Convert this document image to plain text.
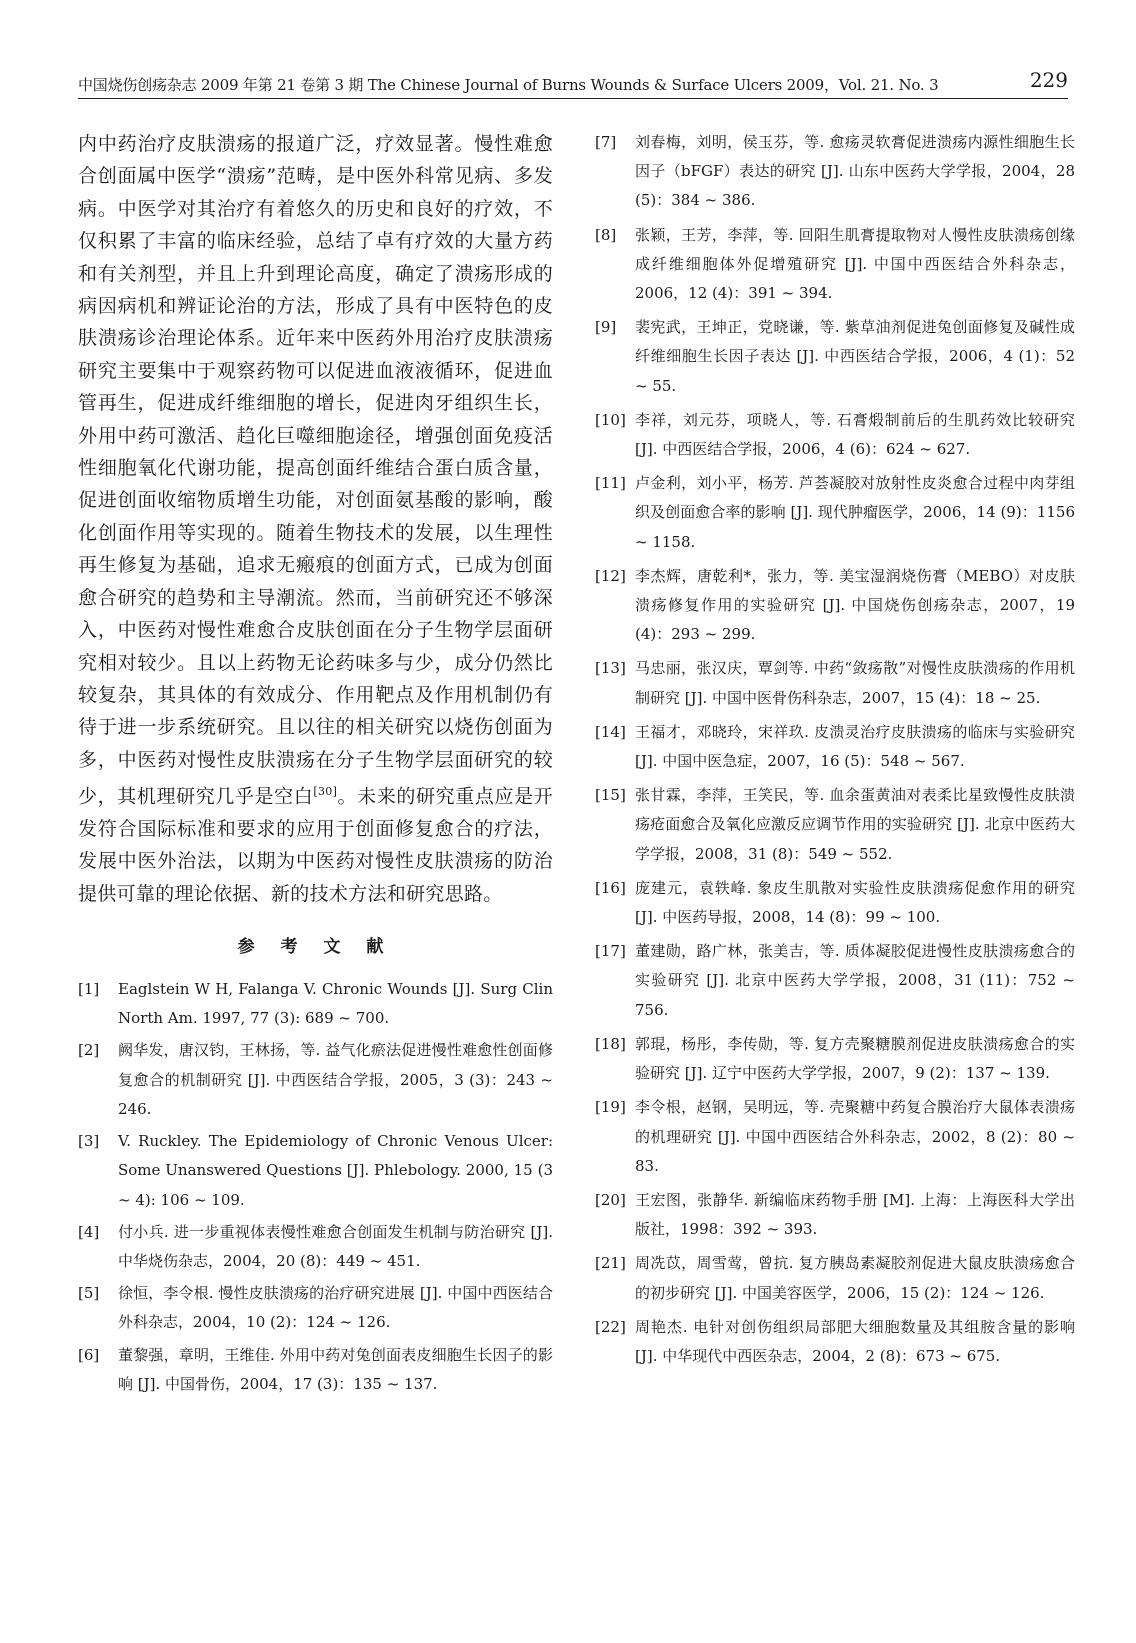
中国烧伤创疡杂志 2009 年第 21 卷第 3 期 The Chinese Journal of Burns Wounds & Surface Ulcers 2009，Vol. 21. No. 3	229

内中药治疗皮肤溃疡的报道广泛，疗效显著。慢性难愈合创面属中医学“溃疡”范畴，是中医外科常见病、多发病。中医学对其治疗有着悠久的历史和良好的疗效，不仅积累了丰富的临床经验，总结了卓有疗效的大量方药和有关剂型，并且上升到理论高度，确定了溃疡形成的病因病机和辨证论治的方法，形成了具有中医特色的皮肤溃疡诊治理论体系。近年来中医药外用治疗皮肤溃疡研究主要集中于观察药物可以促进血液液循环，促进血管再生，促进成纤维细胞的增长，促进肉牙组织生长，外用中药可激活、趋化巨噬细胞途径，增强创面免疫活性细胞氧化代谢功能，提高创面纤维结合蛋白质含量，促进创面收缩物质增生功能，对创面氨基酸的影响，酸化创面作用等实现的。随着生物技术的发展，以生理性再生修复为基础，追求无瘢痕的创面方式，已成为创面愈合研究的趋势和主导潮流。然而，当前研究还不够深入，中医药对慢性难愈合皮肤创面在分子生物学层面研究相对较少。且以上药物无论药味多与少，成分仍然比较复杂，其具体的有效成分、作用靶点及作用机制仍有待于进一步系统研究。且以往的相关研究以烧伤创面为多，中医药对慢性皮肤溃疡在分子生物学层面研究的较少，其机理研究几乎是空白[30]。未来的研究重点应是开发符合国际标准和要求的应用于创面修复愈合的疗法，发展中医外治法，以期为中医药对慢性皮肤溃疡的防治提供可靠的理论依据、新的技术方法和研究思路。

参 考 文 献
[1] Eaglstein W H, Falanga V. Chronic Wounds [J]. Surg Clin North Am. 1997, 77 (3): 689 ~ 700.
[2] 阙华发，唐汉钧，王林扬，等. 益气化瘀法促进慢性难愈性创面修复愈合的机制研究 [J]. 中西医结合学报，2005，3 (3)：243 ~ 246.
[3] V. Ruckley. The Epidemiology of Chronic Venous Ulcer: Some Unanswered Questions [J]. Phlebology. 2000, 15 (3 ~ 4): 106 ~ 109.
[4] 付小兵. 进一步重视体表慢性难愈合创面发生机制与防治研究 [J]. 中华烧伤杂志，2004，20 (8)：449 ~ 451.
[5] 徐恒，李令根. 慢性皮肤溃疡的治疗研究进展 [J]. 中国中西医结合外科杂志，2004，10 (2)：124 ~ 126.
[6] 董黎强，章明，王维佳. 外用中药对兔创面表皮细胞生长因子的影响 [J]. 中国骨伤，2004，17 (3)：135 ~ 137.
[7] 刘春梅，刘明，侯玉芬，等. 愈疡灵软膏促进溃疡内源性细胞生长因子（bFGF）表达的研究 [J]. 山东中医药大学学报，2004，28 (5)：384 ~ 386.
[8] 张颖，王芳，李萍，等. 回阳生肌膏提取物对人慢性皮肤溃疡创缘成纤维细胞体外促增殖研究 [J]. 中国中西医结合外科杂志，2006，12 (4)：391 ~ 394.
[9] 裴宪武，王坤正，党晓谦，等. 紫草油剂促进兔创面修复及碱性成纤维细胞生长因子表达 [J]. 中西医结合学报，2006，4 (1)：52 ~ 55.
[10] 李祥，刘元芬，项晓人，等. 石膏煅制前后的生肌药效比较研究 [J]. 中西医结合学报，2006，4 (6)：624 ~ 627.
[11] 卢金利，刘小平，杨芳. 芦荟凝胶对放射性皮炎愈合过程中肉芽组织及创面愈合率的影响 [J]. 现代肿瘤医学，2006，14 (9)：1156 ~ 1158.
[12] 李杰辉，唐乾利*，张力，等. 美宝湿润烧伤膏（MEBO）对皮肤溃疡修复作用的实验研究 [J]. 中国烧伤创疡杂志，2007，19 (4)：293 ~ 299.
[13] 马忠丽，张汉庆，覃剑等. 中药“敛疡散”对慢性皮肤溃疡的作用机制研究 [J]. 中国中医骨伤科杂志，2007，15 (4)：18 ~ 25.
[14] 王福才，邓晓玲，宋祥玖. 皮溃灵治疗皮肤溃疡的临床与实验研究 [J]. 中国中医急症，2007，16 (5)：548 ~ 567.
[15] 张甘霖，李萍，王笑民，等. 血余蛋黄油对表柔比星致慢性皮肤溃疡疮面愈合及氧化应激反应调节作用的实验研究 [J]. 北京中医药大学学报，2008，31 (8)：549 ~ 552.
[16] 庞建元，袁轶峰. 象皮生肌散对实验性皮肤溃疡促愈作用的研究 [J]. 中医药导报，2008，14 (8)：99 ~ 100.
[17] 董建勋，路广林，张美吉，等. 质体凝胶促进慢性皮肤溃疡愈合的实验研究 [J]. 北京中医药大学学报，2008，31 (11)：752 ~ 756.
[18] 郭琨，杨彤，李传勋，等. 复方壳聚糖膜剂促进皮肤溃疡愈合的实验研究 [J]. 辽宁中医药大学学报，2007，9 (2)：137 ~ 139.
[19] 李令根，赵钢，吴明远，等. 壳聚糖中药复合膜治疗大鼠体表溃疡的机理研究 [J]. 中国中西医结合外科杂志，2002，8 (2)：80 ~ 83.
[20] 王宏图，张静华. 新编临床药物手册 [M]. 上海：上海医科大学出版社，1998：392 ~ 393.
[21] 周冼苡，周雪莺，曾抗. 复方胰岛素凝胶剂促进大鼠皮肤溃疡愈合的初步研究 [J]. 中国美容医学，2006，15 (2)：124 ~ 126.
[22] 周艳杰. 电针对创伤组织局部肥大细胞数量及其组胺含量的影响 [J]. 中华现代中西医杂志，2004，2 (8)：673 ~ 675.
